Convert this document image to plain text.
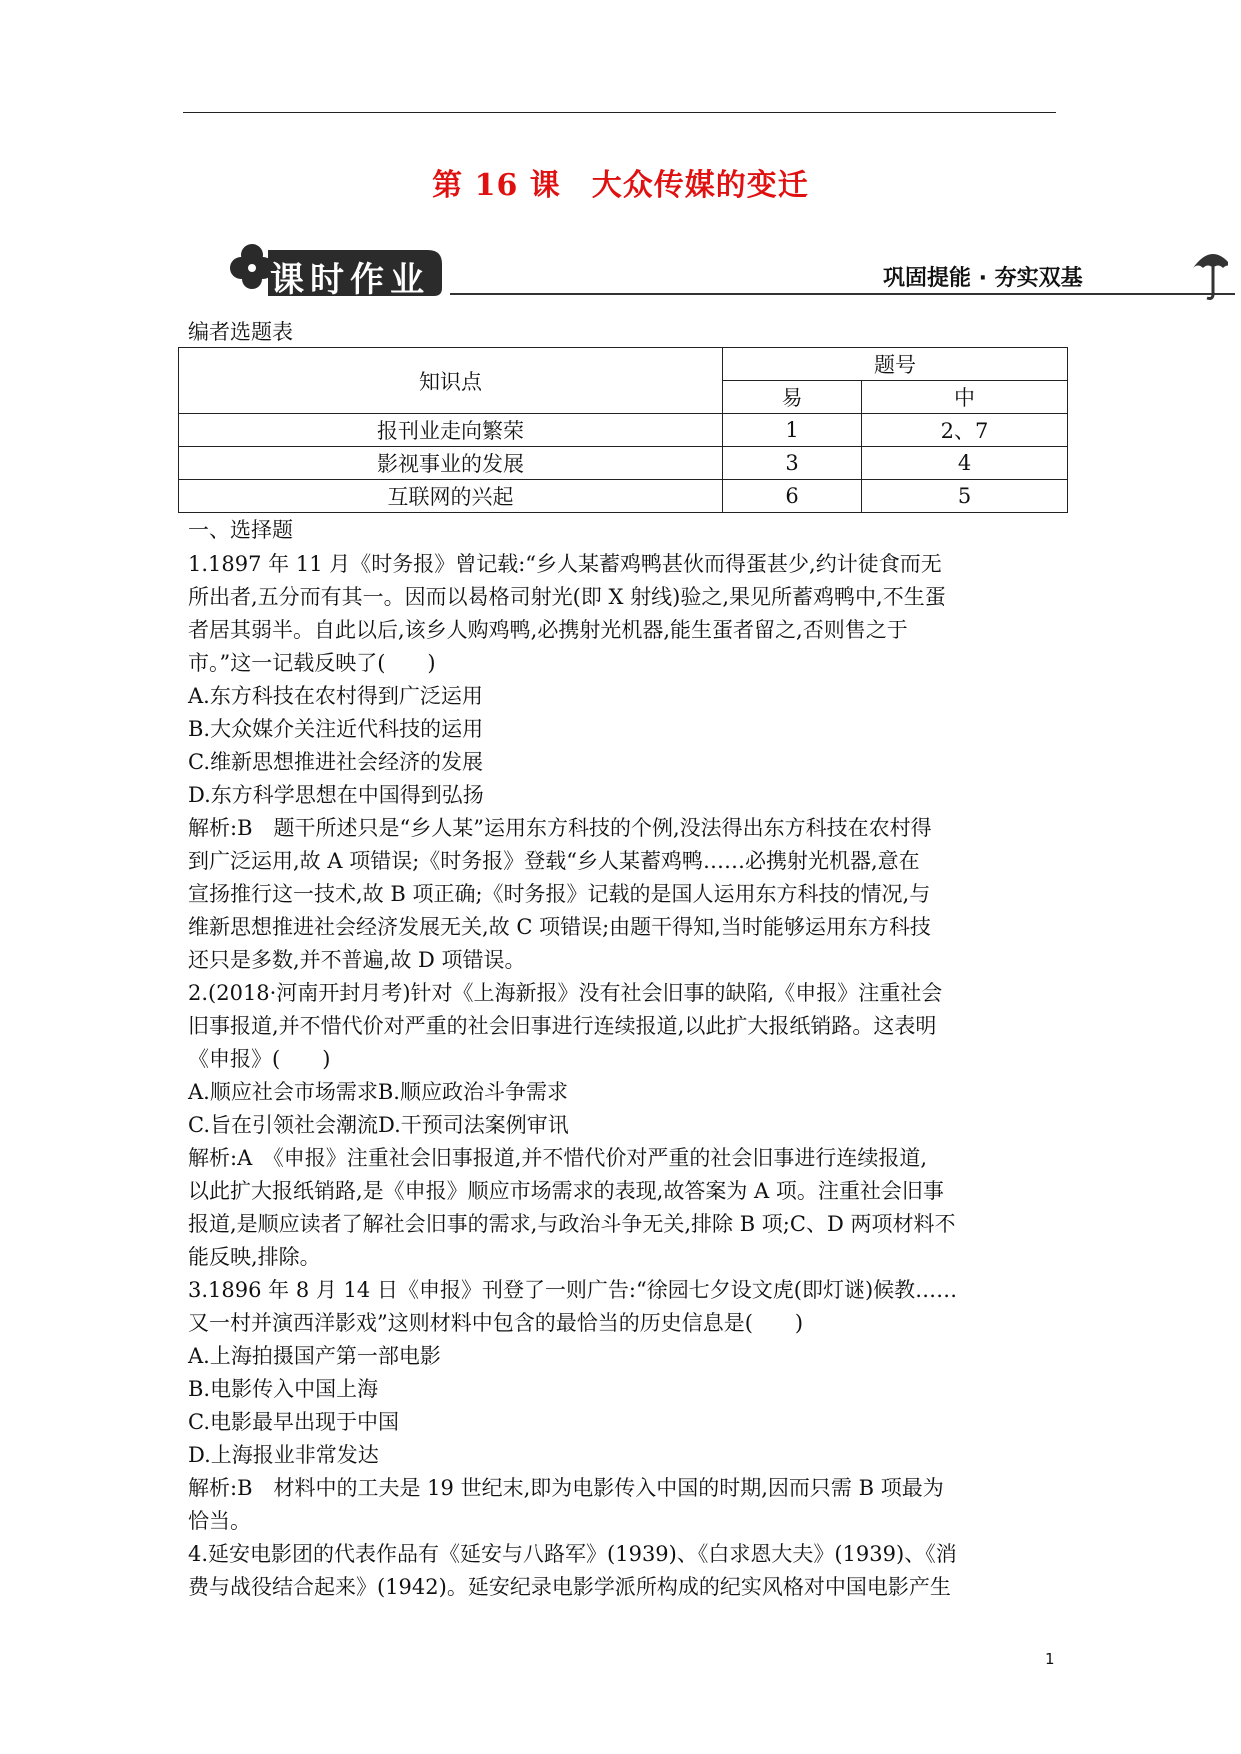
第 16 课　大众传媒的变迁
课时作业	巩固提能 · 夯实双基
编者选题表
知识点	题号	
	易	中
报刊业走向繁荣	1	2、7
影视事业的发展	3	4
互联网的兴起	6	5
一、选择题

1.1897 年 11 月《时务报》曾记载:“乡人某蓄鸡鸭甚伙而得蛋甚少,约计徒食而无

所出者,五分而有其一。因而以曷格司射光(即 X 射线)验之,果见所蓄鸡鸭中,不生蛋

者居其弱半。自此以后,该乡人购鸡鸭,必携射光机器,能生蛋者留之,否则售之于

市。”这一记载反映了(　　)

A.东方科技在农村得到广泛运用

B.大众媒介关注近代科技的运用

C.维新思想推进社会经济的发展

D.东方科学思想在中国得到弘扬

解析:B　题干所述只是“乡人某”运用东方科技的个例,没法得出东方科技在农村得

到广泛运用,故 A 项错误;《时务报》登载“乡人某蓄鸡鸭……必携射光机器,意在

宣扬推行这一技术,故 B 项正确;《时务报》记载的是国人运用东方科技的情况,与

维新思想推进社会经济发展无关,故 C 项错误;由题干得知,当时能够运用东方科技

还只是多数,并不普遍,故 D 项错误。

2.(2018·河南开封月考)针对《上海新报》没有社会旧事的缺陷,《申报》注重社会

旧事报道,并不惜代价对严重的社会旧事进行连续报道,以此扩大报纸销路。这表明

《申报》(　　)

A.顺应社会市场需求B.顺应政治斗争需求

C.旨在引领社会潮流D.干预司法案例审讯

解析:A　《申报》注重社会旧事报道,并不惜代价对严重的社会旧事进行连续报道,

以此扩大报纸销路,是《申报》顺应市场需求的表现,故答案为 A 项。注重社会旧事

报道,是顺应读者了解社会旧事的需求,与政治斗争无关,排除 B 项;C、D 两项材料不

能反映,排除。

3.1896 年 8 月 14 日《申报》刊登了一则广告:“徐园七夕设文虎(即灯谜)候教……

又一村并演西洋影戏”这则材料中包含的最恰当的历史信息是(　　)

A.上海拍摄国产第一部电影

B.电影传入中国上海

C.电影最早出现于中国

D.上海报业非常发达

解析:B　材料中的工夫是 19 世纪末,即为电影传入中国的时期,因而只需 B 项最为

恰当。

4.延安电影团的代表作品有《延安与八路军》(1939)、《白求恩大夫》(1939)、《消

费与战役结合起来》(1942)。延安纪录电影学派所构成的纪实风格对中国电影产生

1
